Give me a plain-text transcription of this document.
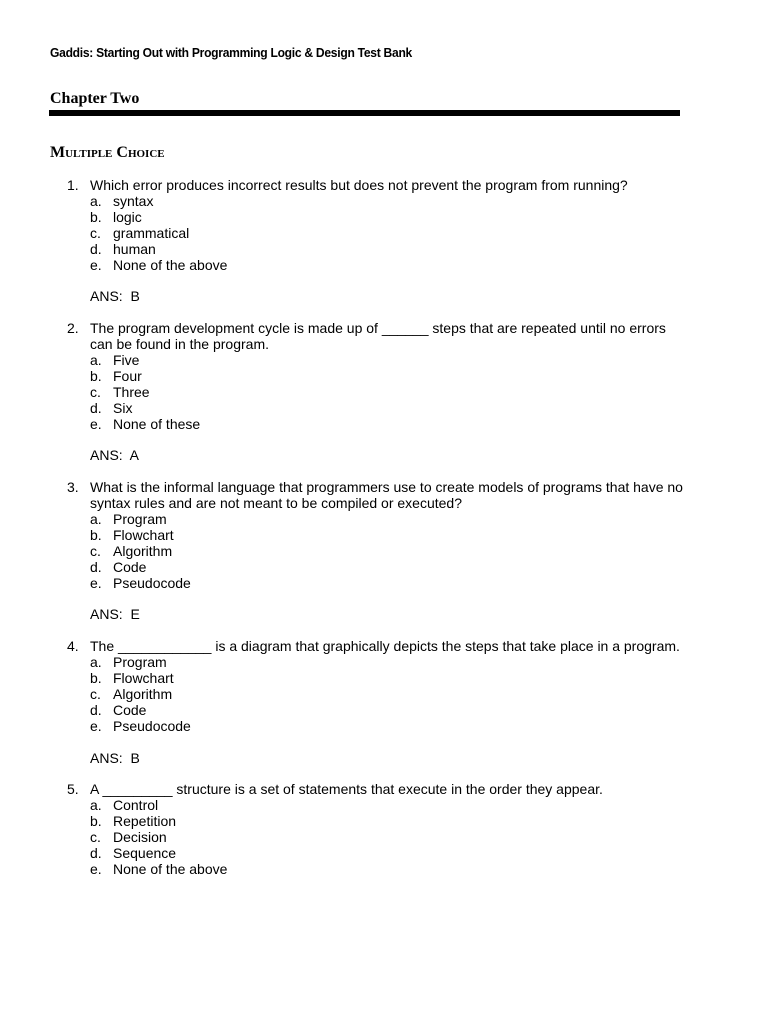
Gaddis: Starting Out with Programming Logic & Design Test Bank
Chapter Two
Multiple Choice
1. Which error produces incorrect results but does not prevent the program from running?
a. syntax
b. logic
c. grammatical
d. human
e. None of the above
ANS:  B
2. The program development cycle is made up of ______ steps that are repeated until no errors can be found in the program.
a. Five
b. Four
c. Three
d. Six
e. None of these
ANS:  A
3. What is the informal language that programmers use to create models of programs that have no syntax rules and are not meant to be compiled or executed?
a. Program
b. Flowchart
c. Algorithm
d. Code
e. Pseudocode
ANS:  E
4. The ____________ is a diagram that graphically depicts the steps that take place in a program.
a. Program
b. Flowchart
c. Algorithm
d. Code
e. Pseudocode
ANS:  B
5. A _________ structure is a set of statements that execute in the order they appear.
a. Control
b. Repetition
c. Decision
d. Sequence
e. None of the above
